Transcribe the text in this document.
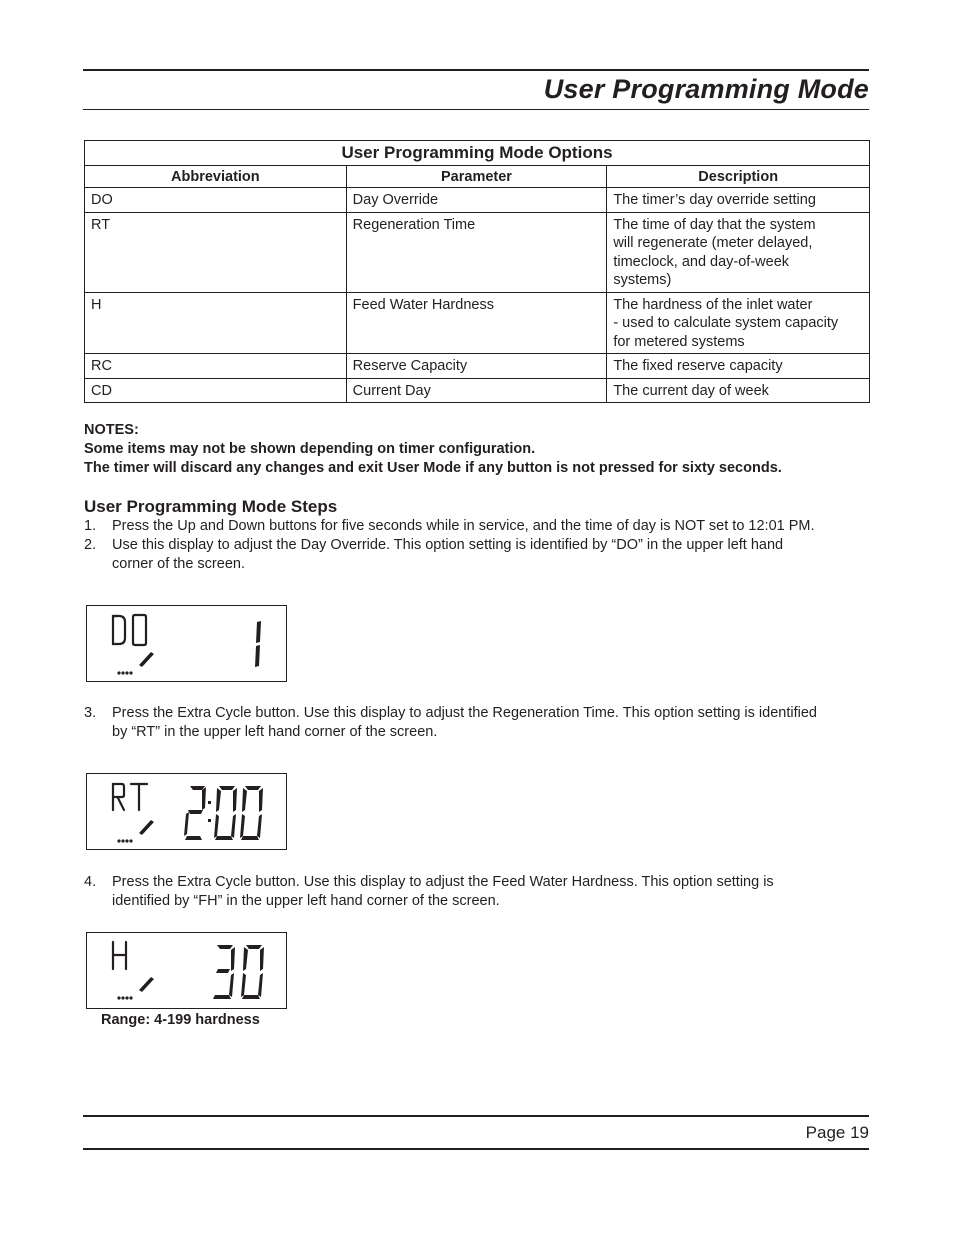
User Programming Mode
User Programming Mode Options		
Abbreviation	Parameter	Description
DO	Day Override	The timer’s day override setting

RT	Regeneration Time	The time of day that the system
will regenerate (meter delayed,
timeclock, and day-of-week
systems)

H	Feed Water Hardness	The hardness of the inlet water
- used to calculate system capacity
for metered systems

RC	Reserve Capacity	The fixed reserve capacity

CD	Current Day	The current day of week
NOTES:
Some items may not be shown depending on timer configuration.
The timer will discard any changes and exit User Mode if any button is not pressed for sixty seconds.
User Programming Mode Steps
1. Press the Up and Down buttons for five seconds while in service, and the time of day is NOT set to 12:01 PM.
2. Use this display to adjust the Day Override. This option setting is identified by “DO” in the upper left hand
corner of the screen.
3. Press the Extra Cycle button. Use this display to adjust the Regeneration Time. This option setting is identified
by “RT” in the upper left hand corner of the screen.
4. Press the Extra Cycle button. Use this display to adjust the Feed Water Hardness. This option setting is
identified by “FH” in the upper left hand corner of the screen.
Range: 4-199 hardness
Page 19
